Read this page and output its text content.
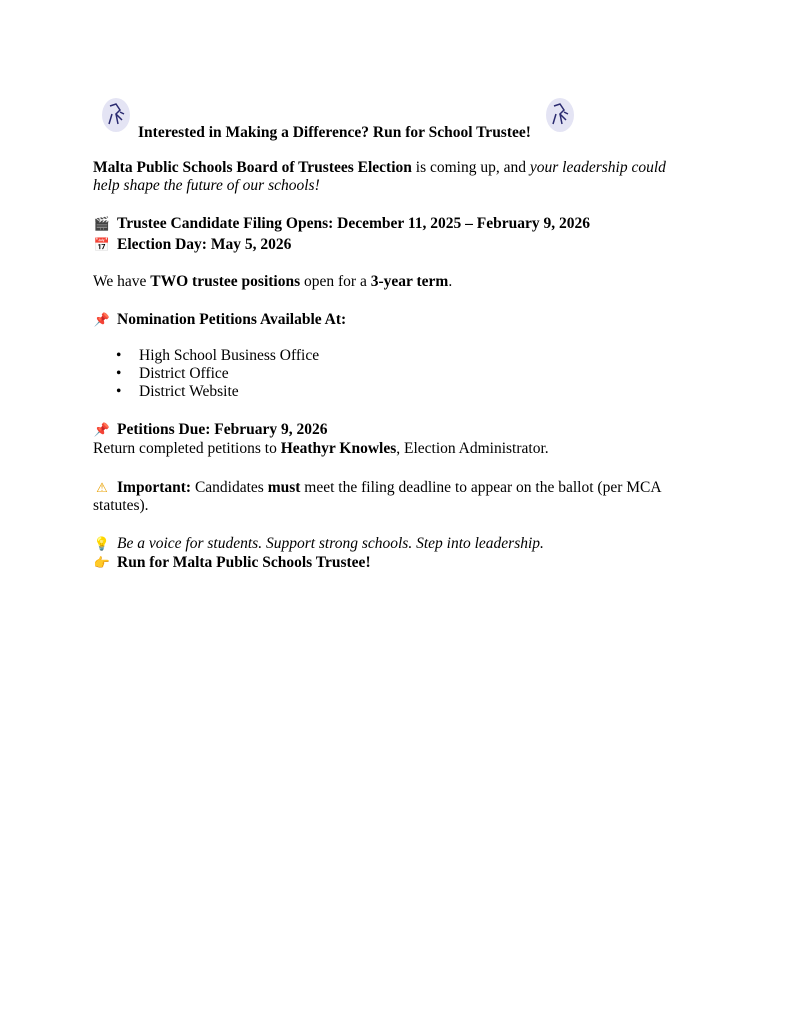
Interested in Making a Difference? Run for School Trustee!
Malta Public Schools Board of Trustees Election is coming up, and your leadership could
help shape the future of our schools!
🎬 Trustee Candidate Filing Opens: December 11, 2025 – February 9, 2026
📅 Election Day: May 5, 2026
We have TWO trustee positions open for a 3-year term.
📌 Nomination Petitions Available At:
High School Business Office
District Office
District Website
📌 Petitions Due: February 9, 2026
Return completed petitions to Heathyr Knowles, Election Administrator.
⚠ Important: Candidates must meet the filing deadline to appear on the ballot (per MCA
statutes).
💡 Be a voice for students. Support strong schools. Step into leadership.
👉 Run for Malta Public Schools Trustee!
